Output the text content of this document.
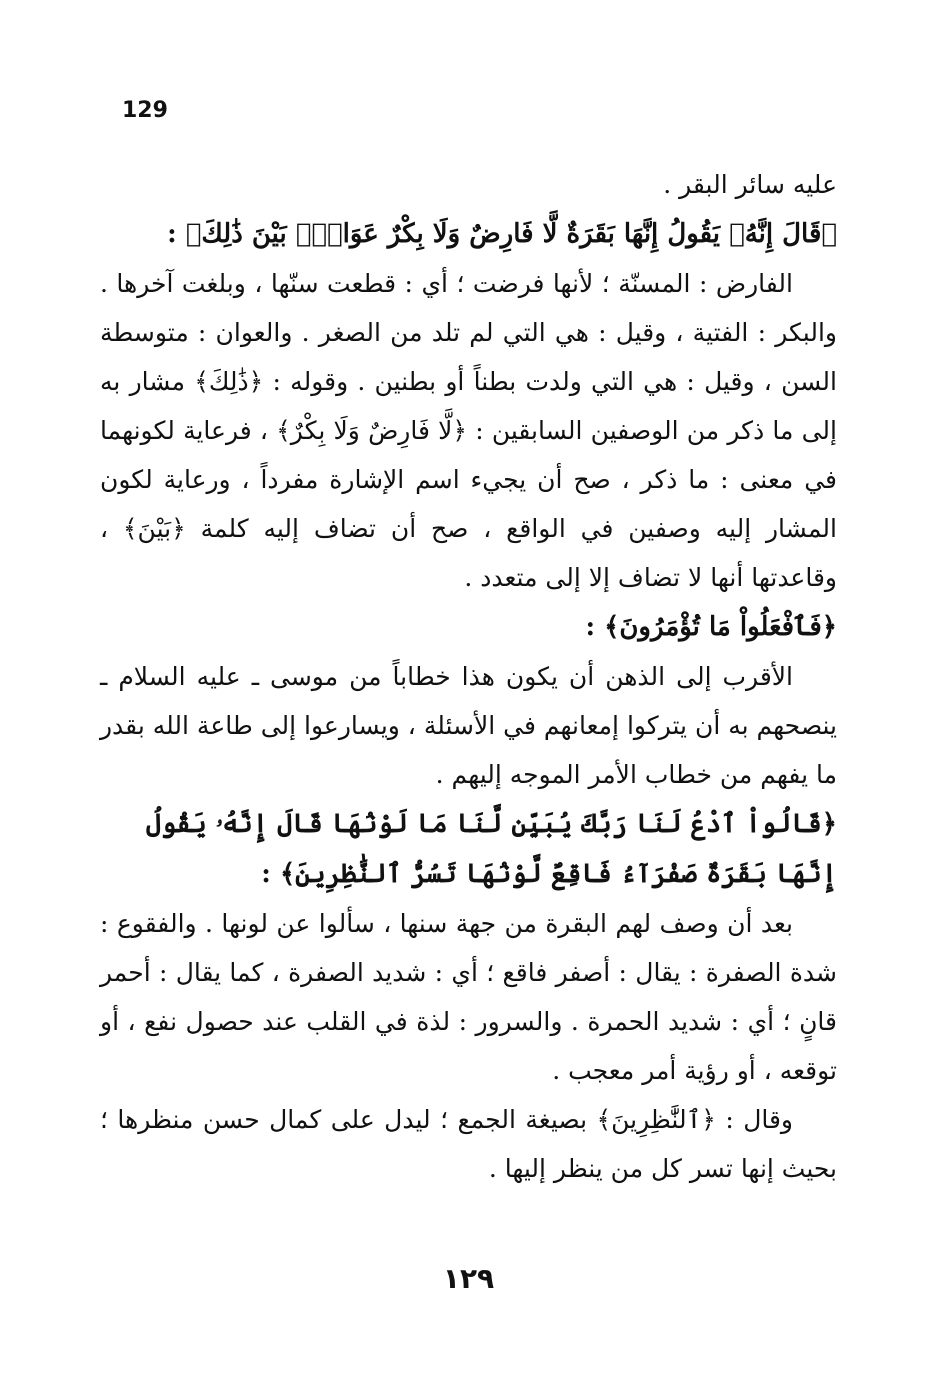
129

عليه سائر البقر .

﴿قَالَ إِنَّهُۥ يَقُولُ إِنَّهَا بَقَرَةٌ لَّا فَارِضٌ وَلَا بِكْرٌ عَوَانٌۢ بَيْنَ ذَٰلِكَ﴾ :

الفارض : المسنّة ؛ لأنها فرضت ؛ أي : قطعت سنّها ، وبلغت آخرها . والبكر : الفتية ، وقيل : هي التي لم تلد من الصغر . والعوان : متوسطة السن ، وقيل : هي التي ولدت بطناً أو بطنين . وقوله : ﴿ذَٰلِكَ﴾ مشار به إلى ما ذكر من الوصفين السابقين : ﴿لَّا فَارِضٌ وَلَا بِكْرٌ﴾ ، فرعاية لكونهما في معنى : ما ذكر ، صح أن يجيء اسم الإشارة مفرداً ، ورعاية لكون المشار إليه وصفين في الواقع ، صح أن تضاف إليه كلمة ﴿بَيْنَ﴾ ، وقاعدتها أنها لا تضاف إلا إلى متعدد .

﴿فَٱفْعَلُواْ مَا تُؤْمَرُونَ﴾ :

الأقرب إلى الذهن أن يكون هذا خطاباً من موسى ـ عليه السلام ـ ينصحهم به أن يتركوا إمعانهم في الأسئلة ، ويسارعوا إلى طاعة الله بقدر ما يفهم من خطاب الأمر الموجه إليهم .

﴿قَالُواْ ٱدْعُ لَنَا رَبَّكَ يُبَيِّن لَّنَا مَا لَوْنُهَا قَالَ إِنَّهُۥ يَقُولُ إِنَّهَا بَقَرَةٌ صَفْرَآءُ فَاقِعٌ لَّوْنُهَا تَسُرُّ ٱلنَّٰظِرِينَ﴾ :

بعد أن وصف لهم البقرة من جهة سنها ، سألوا عن لونها . والفقوع : شدة الصفرة : يقال : أصفر فاقع ؛ أي : شديد الصفرة ، كما يقال : أحمر قانٍ ؛ أي : شديد الحمرة . والسرور : لذة في القلب عند حصول نفع ، أو توقعه ، أو رؤية أمر معجب .

وقال : ﴿ٱلنَّٰظِرِينَ﴾ بصيغة الجمع ؛ ليدل على كمال حسن منظرها ؛ بحيث إنها تسر كل من ينظر إليها .

١٢٩
